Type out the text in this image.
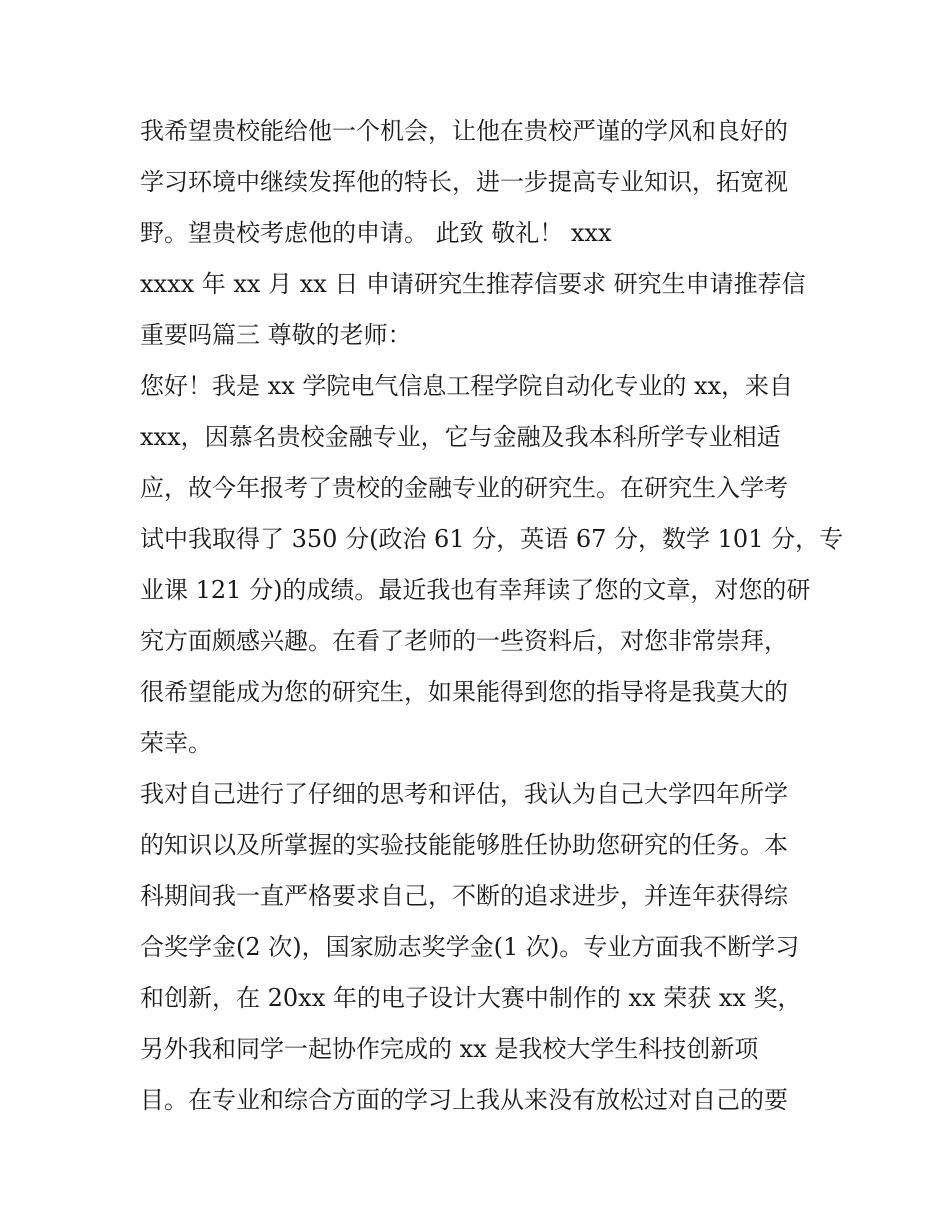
我希望贵校能给他一个机会，让他在贵校严谨的学风和良好的
学习环境中继续发挥他的特长，进一步提高专业知识，拓宽视
野。望贵校考虑他的申请。 此致 敬礼！ xxx
xxxx 年 xx 月 xx 日 申请研究生推荐信要求 研究生申请推荐信
重要吗篇三 尊敬的老师：
您好！我是 xx 学院电气信息工程学院自动化专业的 xx，来自
xxx，因慕名贵校金融专业，它与金融及我本科所学专业相适
应，故今年报考了贵校的金融专业的研究生。在研究生入学考
试中我取得了 350 分(政治 61 分，英语 67 分，数学 101 分，专
业课 121 分)的成绩。最近我也有幸拜读了您的文章，对您的研
究方面颇感兴趣。在看了老师的一些资料后，对您非常崇拜，
很希望能成为您的研究生，如果能得到您的指导将是我莫大的
荣幸。
我对自己进行了仔细的思考和评估，我认为自己大学四年所学
的知识以及所掌握的实验技能能够胜任协助您研究的任务。本
科期间我一直严格要求自己，不断的追求进步，并连年获得综
合奖学金(2 次)，国家励志奖学金(1 次)。专业方面我不断学习
和创新，在 20xx 年的电子设计大赛中制作的 xx 荣获 xx 奖，
另外我和同学一起协作完成的 xx 是我校大学生科技创新项
目。在专业和综合方面的学习上我从来没有放松过对自己的要
